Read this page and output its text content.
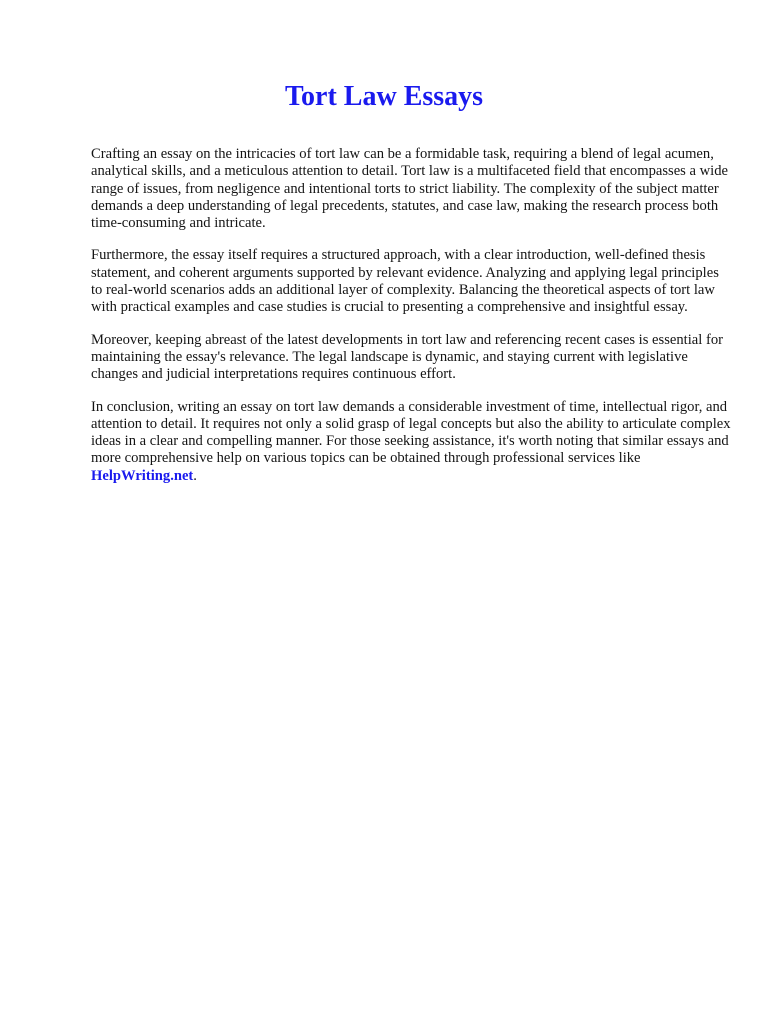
Tort Law Essays

Crafting an essay on the intricacies of tort law can be a formidable task, requiring a blend of legal acumen, analytical skills, and a meticulous attention to detail. Tort law is a multifaceted field that encompasses a wide range of issues, from negligence and intentional torts to strict liability. The complexity of the subject matter demands a deep understanding of legal precedents, statutes, and case law, making the research process both time-consuming and intricate.

Furthermore, the essay itself requires a structured approach, with a clear introduction, well-defined thesis statement, and coherent arguments supported by relevant evidence. Analyzing and applying legal principles to real-world scenarios adds an additional layer of complexity. Balancing the theoretical aspects of tort law with practical examples and case studies is crucial to presenting a comprehensive and insightful essay.

Moreover, keeping abreast of the latest developments in tort law and referencing recent cases is essential for maintaining the essay's relevance. The legal landscape is dynamic, and staying current with legislative changes and judicial interpretations requires continuous effort.

In conclusion, writing an essay on tort law demands a considerable investment of time, intellectual rigor, and attention to detail. It requires not only a solid grasp of legal concepts but also the ability to articulate complex ideas in a clear and compelling manner. For those seeking assistance, it's worth noting that similar essays and more comprehensive help on various topics can be obtained through professional services like HelpWriting.net.
